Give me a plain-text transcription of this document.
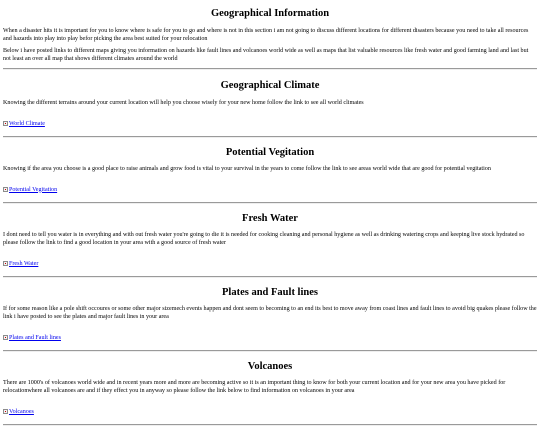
Geographical Information

When a disaster hits it is important for you to know where is safe for you to go and where is not in this section i am not going to discuss different locations for different disasters because you need to take all resources and hazards into play into play befor picking the area best suited for your relocation

Below i have posted links to different maps giving you information on hazards like fault lines and volcanoes world wide as well as maps that list valuable resources like fresh water and good farming land and last but not least an over all map that shows different climates around the world

Geographical Climate

Knowing the different terrains around your current location will help you choose wisely for your new home follow the link to see all world climates

World Climate
Potential Vegitation

Knowing if the area you choose is a good place to raise animals and grow food is vital to your survival in the years to come follow the link to see areas world wide that are good for potential vegitation

Potential Vegitation
Fresh Water

I dont need to tell you water is in everything and with out fresh water you're going to die it is needed for cooking cleaning and personal hygiene as well as drinking watering crops and keeping live stock hydrated so please follow the link to find a good location in your area with a good source of fresh water

Fresh Water
Plates and Fault lines

If for some reason like a pole shift occoures or some other major sizemech events happen and dont seem to becoming to an end its best to move away from coast lines and fault lines to avoid big quakes please follow the link i have posted to see the plates and major fault lines in your area

Plates and Fault lines
Volcanoes

There are 1000's of volcanoes world wide and in recent years more and more are becoming active so it is an important thing to know for both your current location and for your new area you have picked for relocationwhere all volcanoes are and if they effect you in anyway so please follow the link below to find information on volcanoes in your area

Volcanoes
